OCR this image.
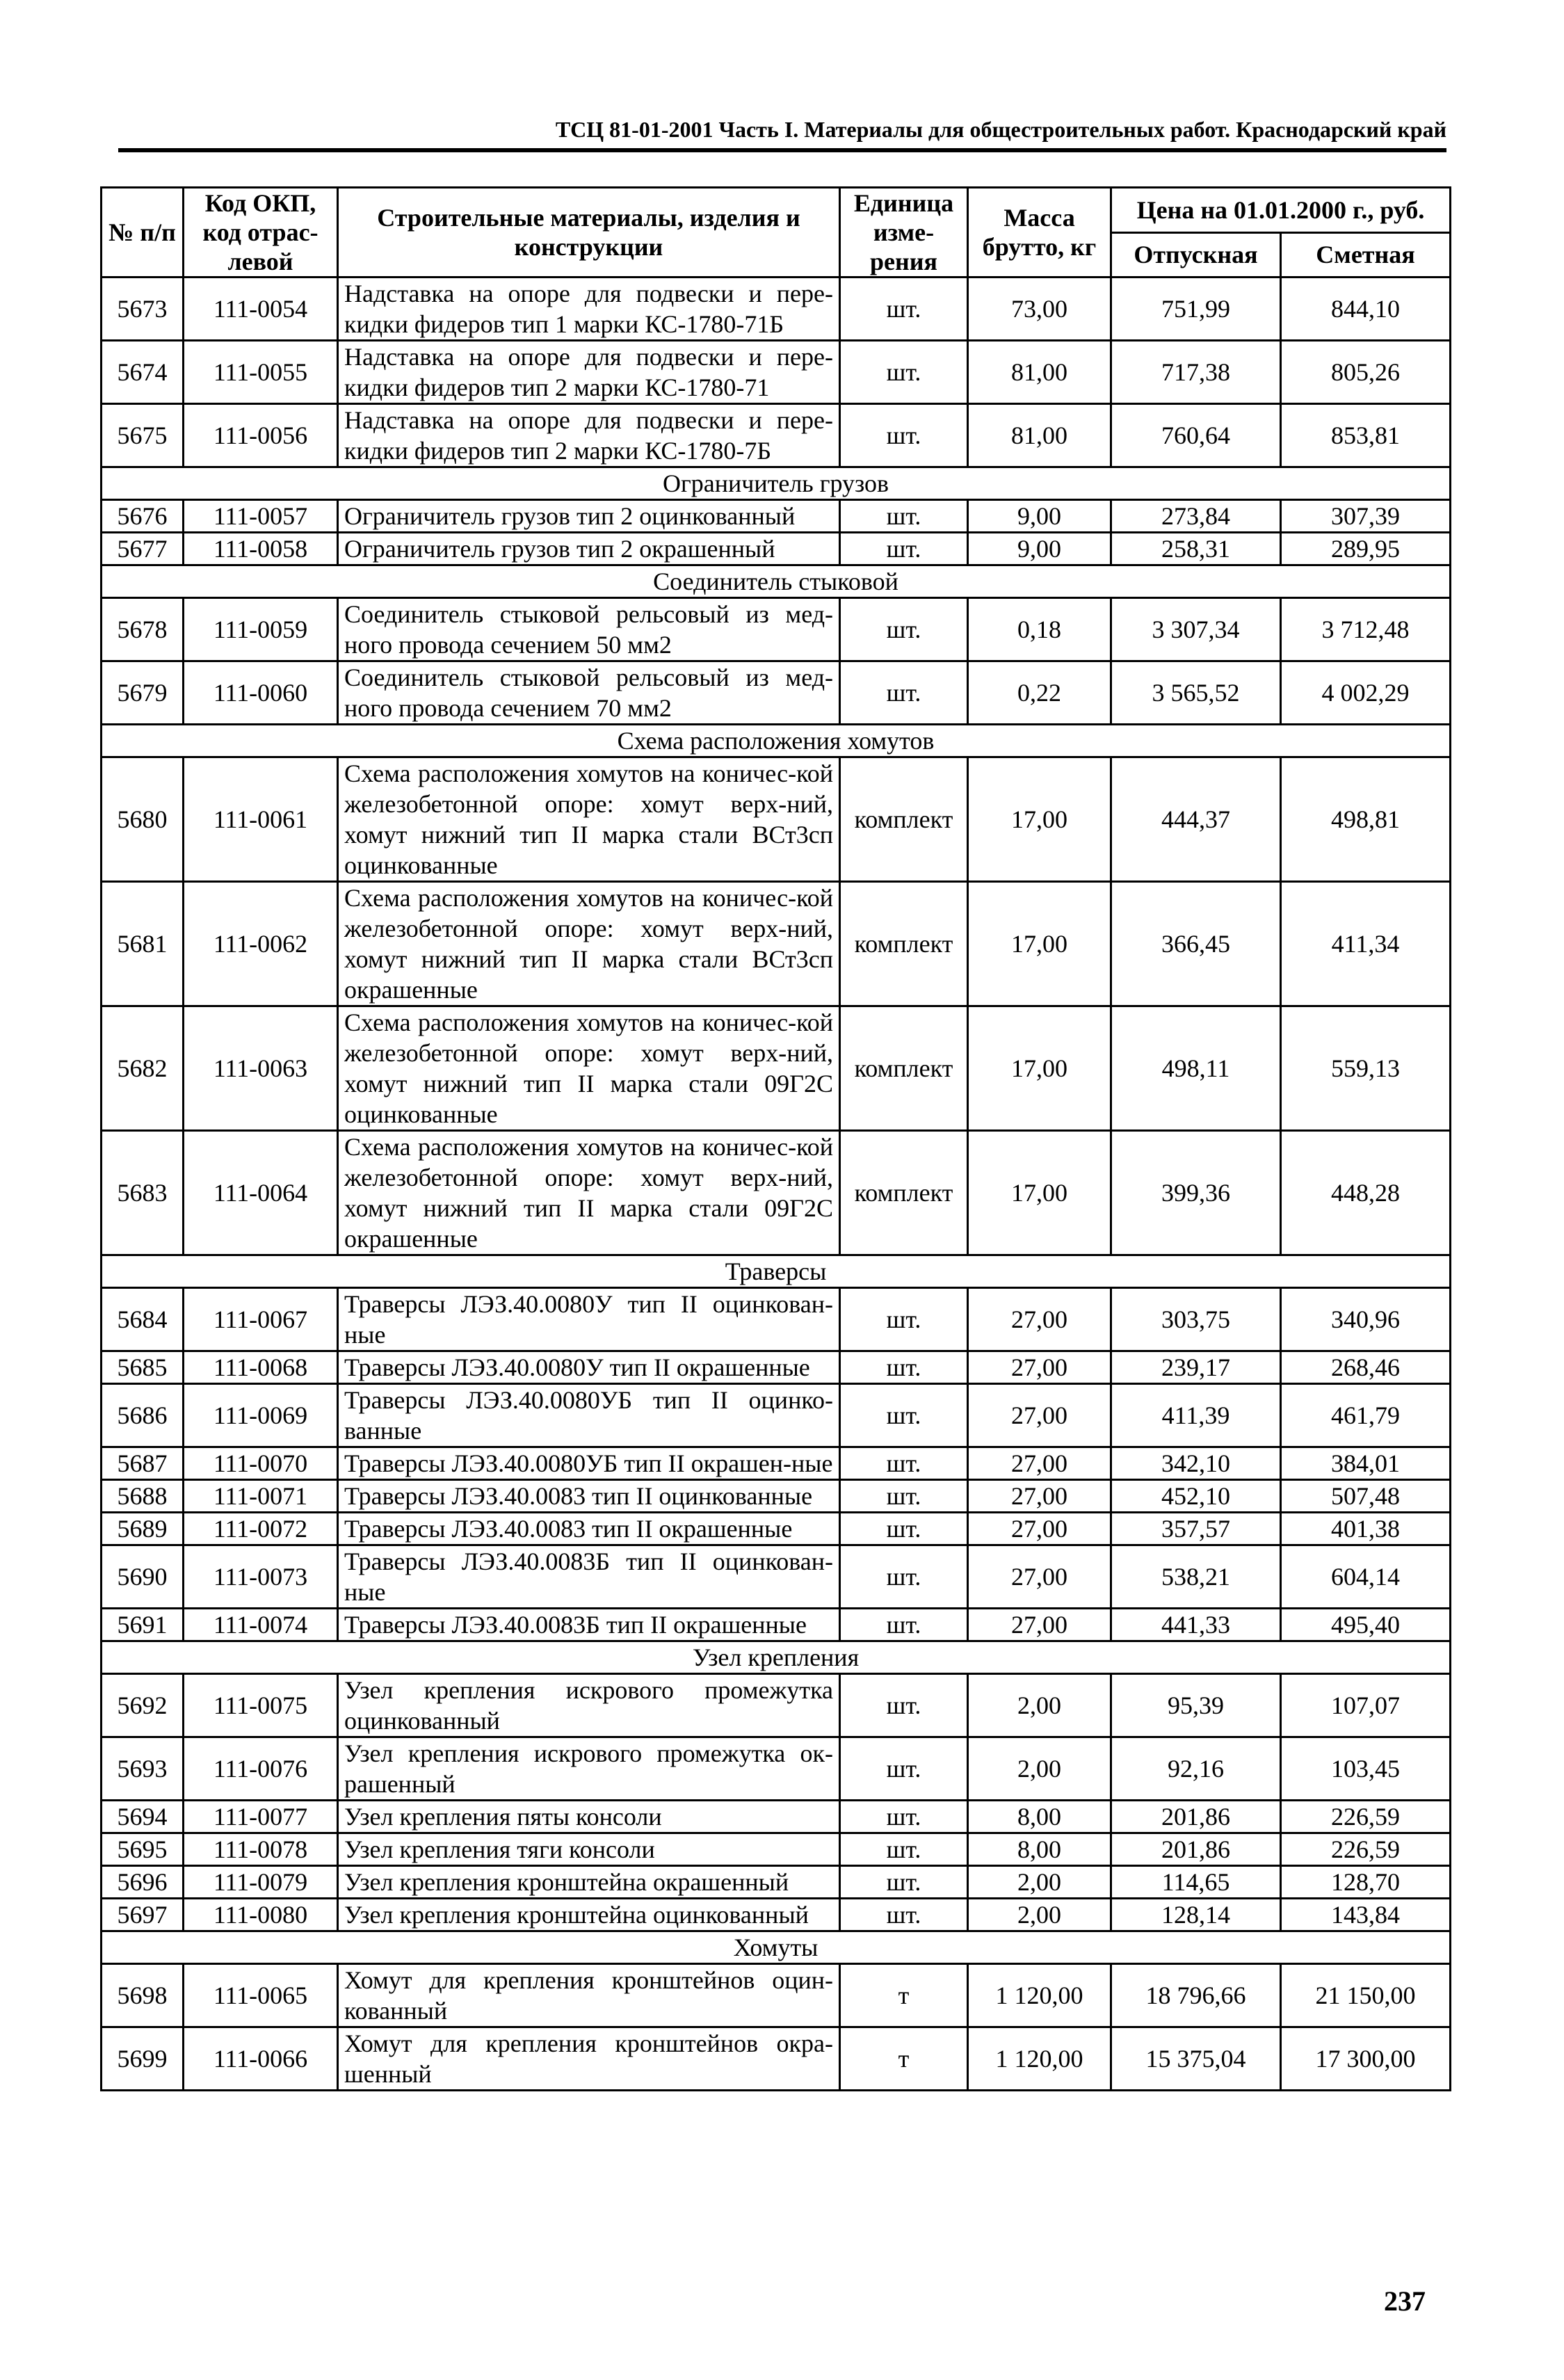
ТСЦ 81-01-2001 Часть I. Материалы для общестроительных работ. Краснодарский край
№ п/п	Код ОКП, код отрас-левой	Строительные материалы, изделия и конструкции	Единица изме-рения	Масса брутто, кг	Цена на 01.01.2000 г., руб.	
					Отпускная	Сметная
5673	111-0054	Надставка на опоре для подвески и пере-кидки фидеров тип 1 марки КС-1780-71Б	шт.	73,00	751,99	844,10
5674	111-0055	Надставка на опоре для подвески и пере-кидки фидеров тип 2 марки КС-1780-71	шт.	81,00	717,38	805,26
5675	111-0056	Надставка на опоре для подвески и пере-кидки фидеров тип 2 марки КС-1780-7Б	шт.	81,00	760,64	853,81
Ограничитель грузов						
5676	111-0057	Ограничитель грузов тип 2 оцинкованный	шт.	9,00	273,84	307,39
5677	111-0058	Ограничитель грузов тип 2 окрашенный	шт.	9,00	258,31	289,95
Соединитель стыковой						
5678	111-0059	Соединитель стыковой рельсовый из мед-ного провода сечением 50 мм2	шт.	0,18	3 307,34	3 712,48
5679	111-0060	Соединитель стыковой рельсовый из мед-ного провода сечением 70 мм2	шт.	0,22	3 565,52	4 002,29
Схема расположения хомутов						
5680	111-0061	Схема расположения хомутов на коничес-кой железобетонной опоре: хомут верх-ний, хомут нижний тип II марка стали ВСт3сп оцинкованные	комплект	17,00	444,37	498,81
5681	111-0062	Схема расположения хомутов на коничес-кой железобетонной опоре: хомут верх-ний, хомут нижний тип II марка стали ВСт3сп окрашенные	комплект	17,00	366,45	411,34
5682	111-0063	Схема расположения хомутов на коничес-кой железобетонной опоре: хомут верх-ний, хомут нижний тип II марка стали 09Г2С оцинкованные	комплект	17,00	498,11	559,13
5683	111-0064	Схема расположения хомутов на коничес-кой железобетонной опоре: хомут верх-ний, хомут нижний тип II марка стали 09Г2С окрашенные	комплект	17,00	399,36	448,28
Траверсы						
5684	111-0067	Траверсы ЛЭЗ.40.0080У тип II оцинкован-ные	шт.	27,00	303,75	340,96
5685	111-0068	Траверсы ЛЭЗ.40.0080У тип II окрашенные	шт.	27,00	239,17	268,46
5686	111-0069	Траверсы ЛЭЗ.40.0080УБ тип II оцинко-ванные	шт.	27,00	411,39	461,79
5687	111-0070	Траверсы ЛЭЗ.40.0080УБ тип II окрашен-ные	шт.	27,00	342,10	384,01
5688	111-0071	Траверсы ЛЭЗ.40.0083 тип II оцинкованные	шт.	27,00	452,10	507,48
5689	111-0072	Траверсы ЛЭЗ.40.0083 тип II окрашенные	шт.	27,00	357,57	401,38
5690	111-0073	Траверсы ЛЭЗ.40.0083Б тип II оцинкован-ные	шт.	27,00	538,21	604,14
5691	111-0074	Траверсы ЛЭЗ.40.0083Б тип II окрашенные	шт.	27,00	441,33	495,40
Узел крепления						
5692	111-0075	Узел крепления искрового промежутка оцинкованный	шт.	2,00	95,39	107,07
5693	111-0076	Узел крепления искрового промежутка ок-рашенный	шт.	2,00	92,16	103,45
5694	111-0077	Узел крепления пяты консоли	шт.	8,00	201,86	226,59
5695	111-0078	Узел крепления тяги консоли	шт.	8,00	201,86	226,59
5696	111-0079	Узел крепления кронштейна окрашенный	шт.	2,00	114,65	128,70
5697	111-0080	Узел крепления кронштейна оцинкованный	шт.	2,00	128,14	143,84
Хомуты						
5698	111-0065	Хомут для крепления кронштейнов оцин-кованный	т	1 120,00	18 796,66	21 150,00
5699	111-0066	Хомут для крепления кронштейнов окра-шенный	т	1 120,00	15 375,04	17 300,00
237
